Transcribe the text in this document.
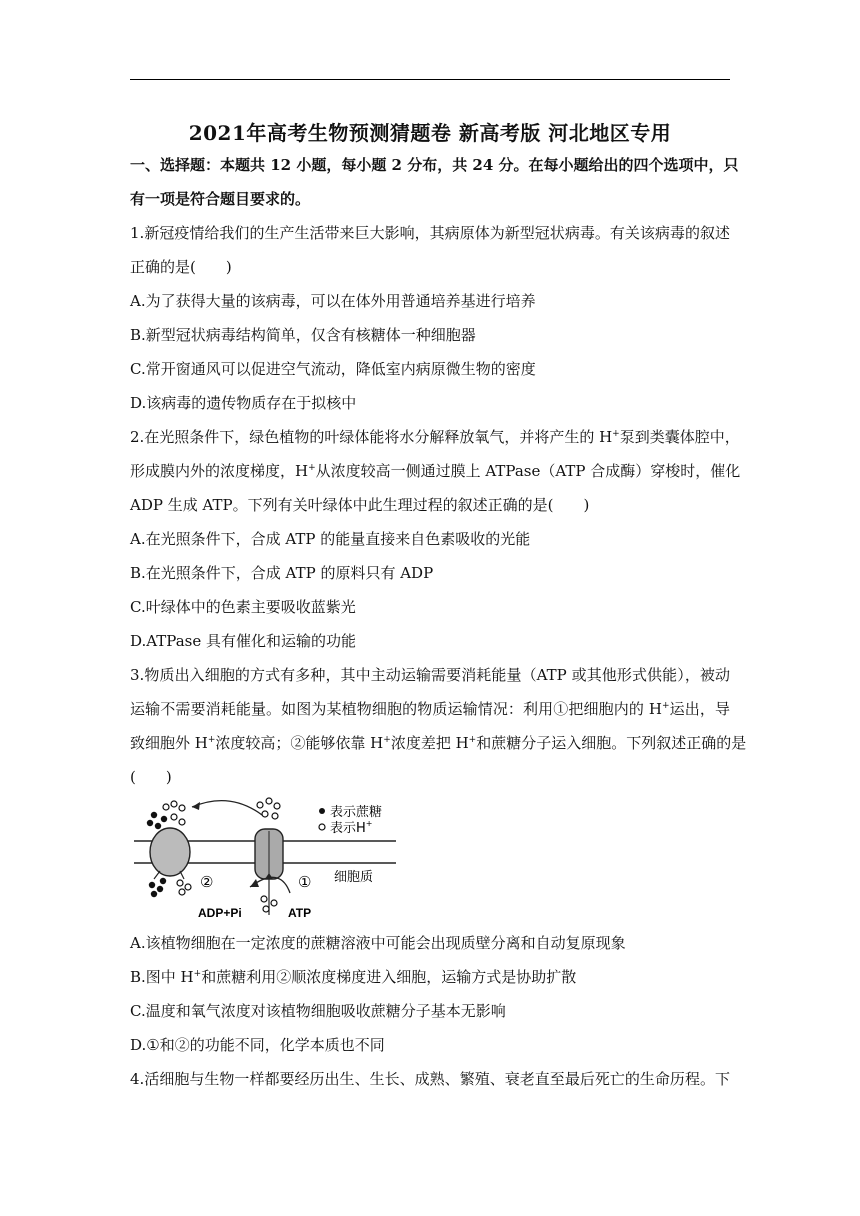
2021年高考生物预测猜题卷 新高考版 河北地区专用
一、选择题：本题共 12 小题，每小题 2 分布，共 24 分。在每小题给出的四个选项中，只
有一项是符合题目要求的。
1.新冠疫情给我们的生产生活带来巨大影响，其病原体为新型冠状病毒。有关该病毒的叙述
正确的是(　　)
A.为了获得大量的该病毒，可以在体外用普通培养基进行培养
B.新型冠状病毒结构简单，仅含有核糖体一种细胞器
C.常开窗通风可以促进空气流动，降低室内病原微生物的密度
D.该病毒的遗传物质存在于拟核中
2.在光照条件下，绿色植物的叶绿体能将水分解释放氧气，并将产生的 H+泵到类囊体腔中，
形成膜内外的浓度梯度，H+从浓度较高一侧通过膜上 ATPase（ATP 合成酶）穿梭时，催化
ADP 生成 ATP。下列有关叶绿体中此生理过程的叙述正确的是(　　)
A.在光照条件下，合成 ATP 的能量直接来自色素吸收的光能
B.在光照条件下，合成 ATP 的原料只有 ADP
C.叶绿体中的色素主要吸收蓝紫光
D.ATPase 具有催化和运输的功能
3.物质出入细胞的方式有多种，其中主动运输需要消耗能量（ATP 或其他形式供能），被动
运输不需要消耗能量。如图为某植物细胞的物质运输情况：利用①把细胞内的 H+运出，导
致细胞外 H+浓度较高；②能够依靠 H+浓度差把 H+和蔗糖分子运入细胞。下列叙述正确的是
(　　)
②	①
ADP+Pi	ATP
表示蔗糖
表示H+
细胞质
A.该植物细胞在一定浓度的蔗糖溶液中可能会出现质壁分离和自动复原现象
B.图中 H+和蔗糖利用②顺浓度梯度进入细胞，运输方式是协助扩散
C.温度和氧气浓度对该植物细胞吸收蔗糖分子基本无影响
D.①和②的功能不同，化学本质也不同
4.活细胞与生物一样都要经历出生、生长、成熟、繁殖、衰老直至最后死亡的生命历程。下
